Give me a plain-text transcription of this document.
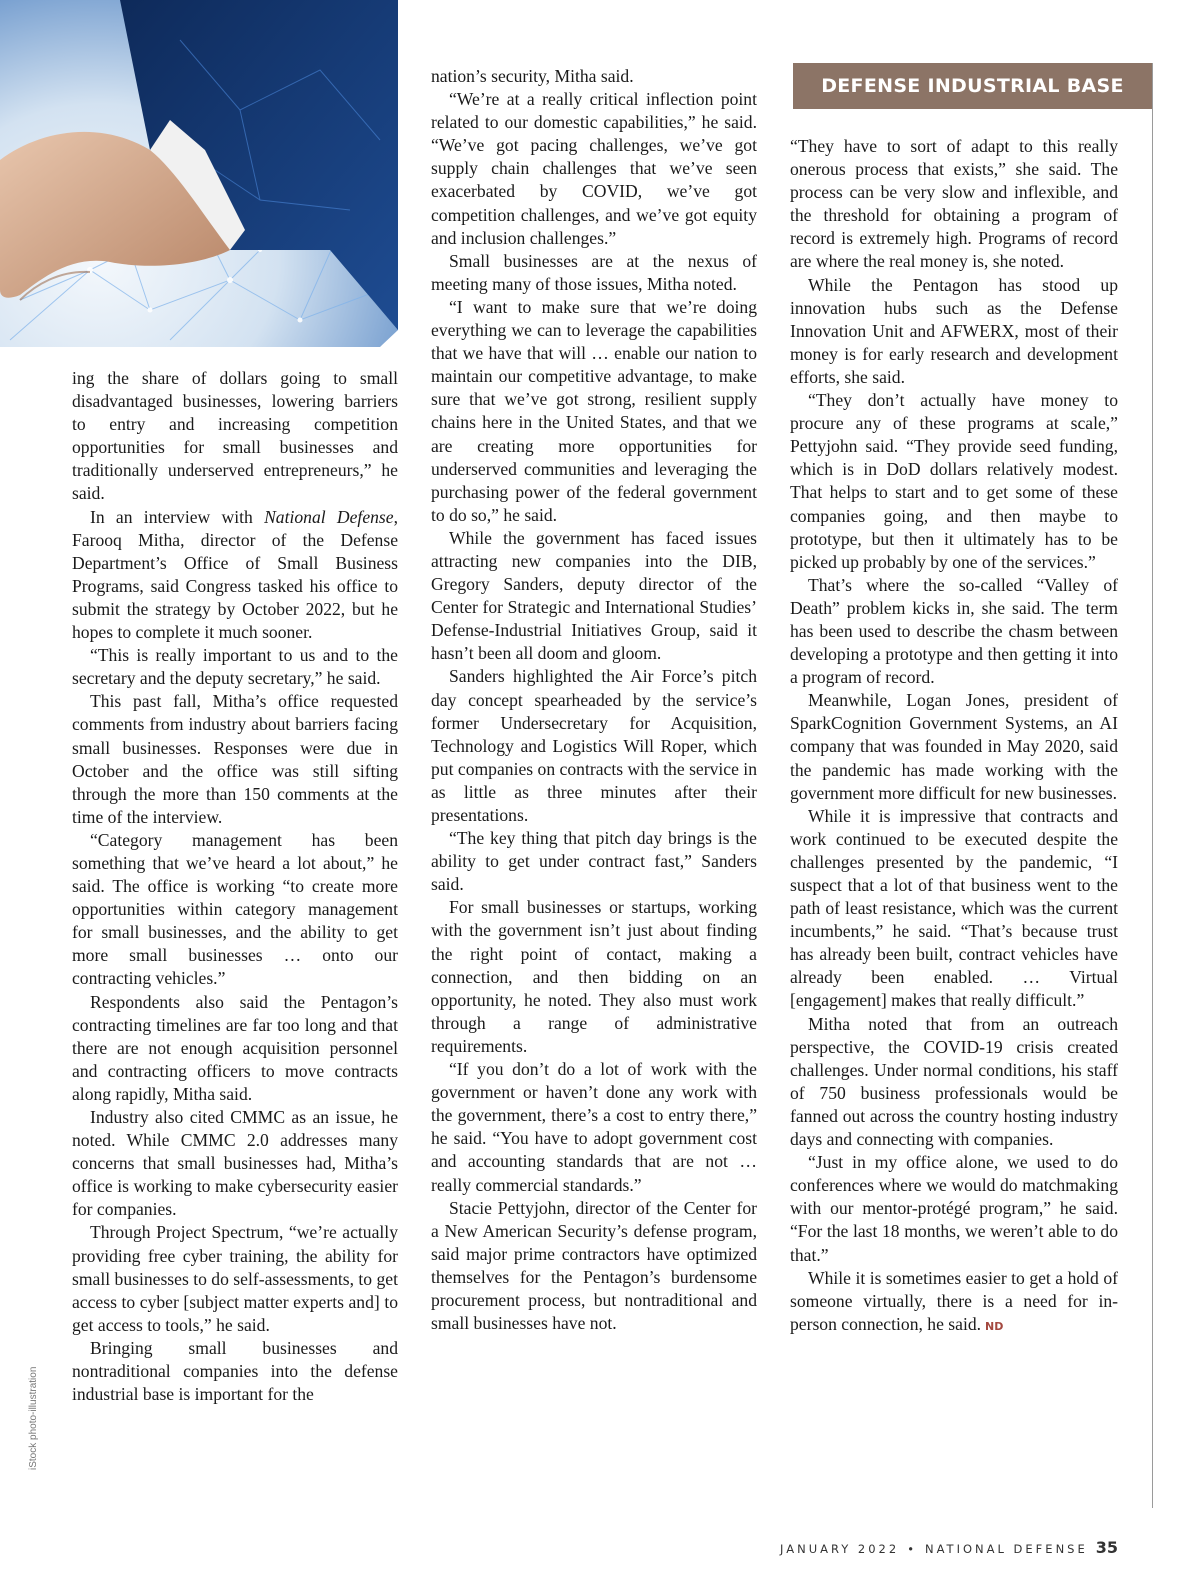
DEFENSE INDUSTRIAL BASE

ing the share of dollars going to small disadvantaged businesses, lowering barriers to entry and increasing competition opportunities for small businesses and traditionally underserved entrepreneurs,” he said.

In an interview with National Defense, Farooq Mitha, director of the Defense Department’s Office of Small Business Programs, said Congress tasked his office to submit the strategy by October 2022, but he hopes to complete it much sooner.

“This is really important to us and to the secretary and the deputy secretary,” he said.

This past fall, Mitha’s office requested comments from industry about barriers facing small businesses. Responses were due in October and the office was still sifting through the more than 150 comments at the time of the interview.

“Category management has been something that we’ve heard a lot about,” he said. The office is working “to create more opportunities within category management for small businesses, and the ability to get more small businesses … onto our contracting vehicles.”

Respondents also said the Pentagon’s contracting timelines are far too long and that there are not enough acquisition personnel and contracting officers to move contracts along rapidly, Mitha said.

Industry also cited CMMC as an issue, he noted. While CMMC 2.0 addresses many concerns that small businesses had, Mitha’s office is working to make cybersecurity easier for companies.

Through Project Spectrum, “we’re actually providing free cyber training, the ability for small businesses to do self-assessments, to get access to cyber [subject matter experts and] to get access to tools,” he said.

Bringing small businesses and nontraditional companies into the defense industrial base is important for the

nation’s security, Mitha said.

“We’re at a really critical inflection point related to our domestic capabilities,” he said. “We’ve got pacing challenges, we’ve got supply chain challenges that we’ve seen exacerbated by COVID, we’ve got competition challenges, and we’ve got equity and inclusion challenges.”

Small businesses are at the nexus of meeting many of those issues, Mitha noted.

“I want to make sure that we’re doing everything we can to leverage the capabilities that we have that will … enable our nation to maintain our competitive advantage, to make sure that we’ve got strong, resilient supply chains here in the United States, and that we are creating more opportunities for underserved communities and leveraging the purchasing power of the federal government to do so,” he said.

While the government has faced issues attracting new companies into the DIB, Gregory Sanders, deputy director of the Center for Strategic and International Studies’ Defense-Industrial Initiatives Group, said it hasn’t been all doom and gloom.

Sanders highlighted the Air Force’s pitch day concept spearheaded by the service’s former Undersecretary for Acquisition, Technology and Logistics Will Roper, which put companies on contracts with the service in as little as three minutes after their presentations.

“The key thing that pitch day brings is the ability to get under contract fast,” Sanders said.

For small businesses or startups, working with the government isn’t just about finding the right point of contact, making a connection, and then bidding on an opportunity, he noted. They also must work through a range of administrative requirements.

“If you don’t do a lot of work with the government or haven’t done any work with the government, there’s a cost to entry there,” he said. “You have to adopt government cost and accounting standards that are not … really commercial standards.”

Stacie Pettyjohn, director of the Center for a New American Security’s defense program, said major prime contractors have optimized themselves for the Pentagon’s burdensome procurement process, but nontraditional and small businesses have not.

“They have to sort of adapt to this really onerous process that exists,” she said. The process can be very slow and inflexible, and the threshold for obtaining a program of record is extremely high. Programs of record are where the real money is, she noted.

While the Pentagon has stood up innovation hubs such as the Defense Innovation Unit and AFWERX, most of their money is for early research and development efforts, she said.

“They don’t actually have money to procure any of these programs at scale,” Pettyjohn said. “They provide seed funding, which is in DoD dollars relatively modest. That helps to start and to get some of these companies going, and then maybe to prototype, but then it ultimately has to be picked up probably by one of the services.”

That’s where the so-called “Valley of Death” problem kicks in, she said. The term has been used to describe the chasm between developing a prototype and then getting it into a program of record.

Meanwhile, Logan Jones, president of SparkCognition Government Systems, an AI company that was founded in May 2020, said the pandemic has made working with the government more difficult for new businesses.

While it is impressive that contracts and work continued to be executed despite the challenges presented by the pandemic, “I suspect that a lot of that business went to the path of least resistance, which was the current incumbents,” he said. “That’s because trust has already been built, contract vehicles have already been enabled. … Virtual [engagement] makes that really difficult.”

Mitha noted that from an outreach perspective, the COVID-19 crisis created challenges. Under normal conditions, his staff of 750 business professionals would be fanned out across the country hosting industry days and connecting with companies.

“Just in my office alone, we used to do conferences where we would do matchmaking with our mentor-protégé program,” he said. “For the last 18 months, we weren’t able to do that.”

While it is sometimes easier to get a hold of someone virtually, there is a need for in-person connection, he said. ND

iStock photo-illustration
JANUARY 2022 • NATIONAL DEFENSE 35
